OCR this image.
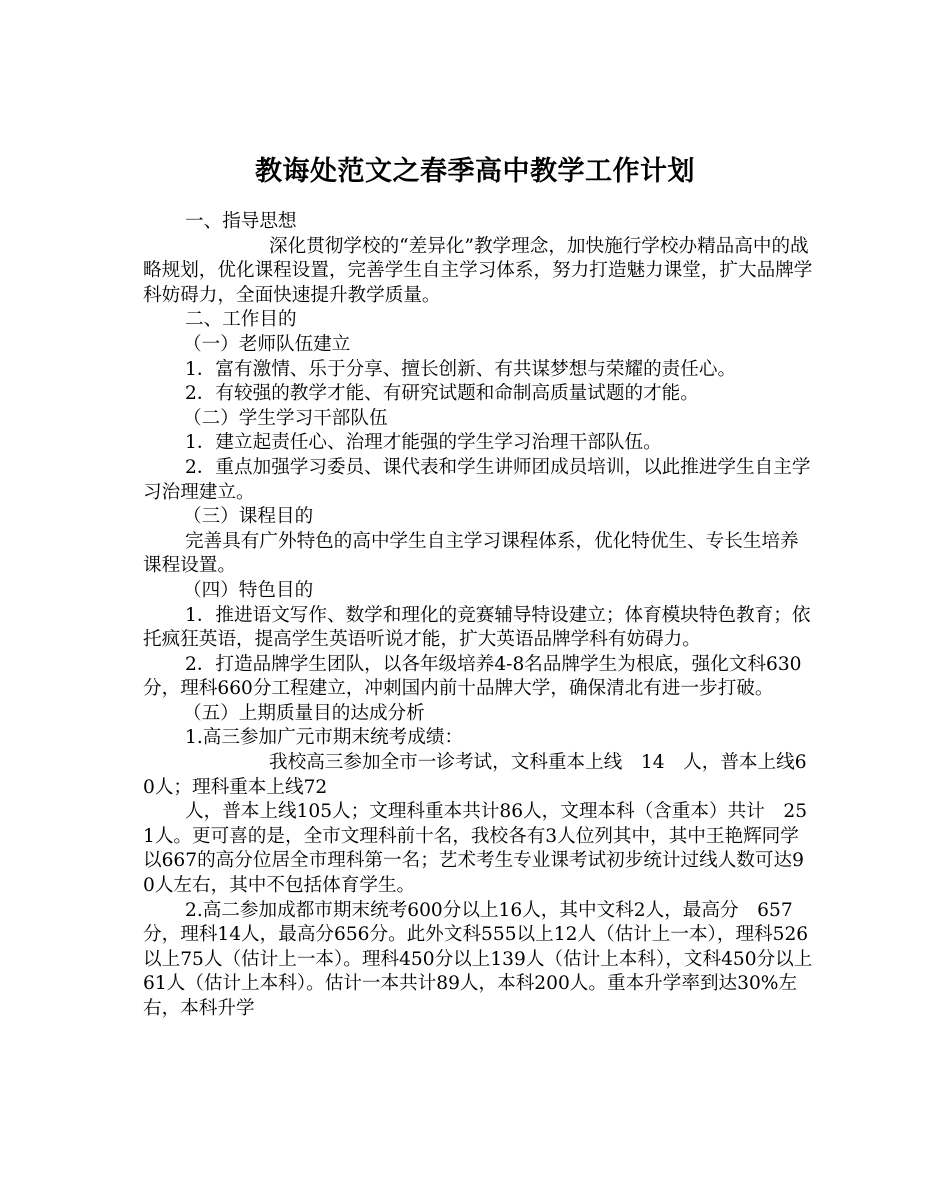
教诲处范文之春季高中教学工作计划

一、指导思想

深化贯彻学校的“差异化”教学理念，加快施行学校办精品高中的战略规划，优化课程设置，完善学生自主学习体系，努力打造魅力课堂，扩大品牌学科妨碍力，全面快速提升教学质量。

二、工作目的

（一）老师队伍建立

1．富有激情、乐于分享、擅长创新、有共谋梦想与荣耀的责任心。

2．有较强的教学才能、有研究试题和命制高质量试题的才能。

（二）学生学习干部队伍

1．建立起责任心、治理才能强的学生学习治理干部队伍。

2．重点加强学习委员、课代表和学生讲师团成员培训，以此推进学生自主学习治理建立。

（三）课程目的

完善具有广外特色的高中学生自主学习课程体系，优化特优生、专长生培养课程设置。

（四）特色目的

1．推进语文写作、数学和理化的竞赛辅导特设建立；体育模块特色教育；依托疯狂英语，提高学生英语听说才能，扩大英语品牌学科有妨碍力。

2．打造品牌学生团队，以各年级培养4-8名品牌学生为根底，强化文科630分，理科660分工程建立，冲刺国内前十品牌大学，确保清北有进一步打破。

（五）上期质量目的达成分析

1.高三参加广元市期末统考成绩：

我校高三参加全市一诊考试，文科重本上线　14　人，普本上线60人；理科重本上线72

人，普本上线105人；文理科重本共计86人，文理本科（含重本）共计　251人。更可喜的是，全市文理科前十名，我校各有3人位列其中，其中王艳辉同学以667的高分位居全市理科第一名；艺术考生专业课考试初步统计过线人数可达90人左右，其中不包括体育学生。

2.高二参加成都市期末统考600分以上16人，其中文科2人，最高分　657分，理科14人，最高分656分。此外文科555以上12人（估计上一本），理科526以上75人（估计上一本）。理科450分以上139人（估计上本科），文科450分以上61人（估计上本科）。估计一本共计89人，本科200人。重本升学率到达30%左右，本科升学
